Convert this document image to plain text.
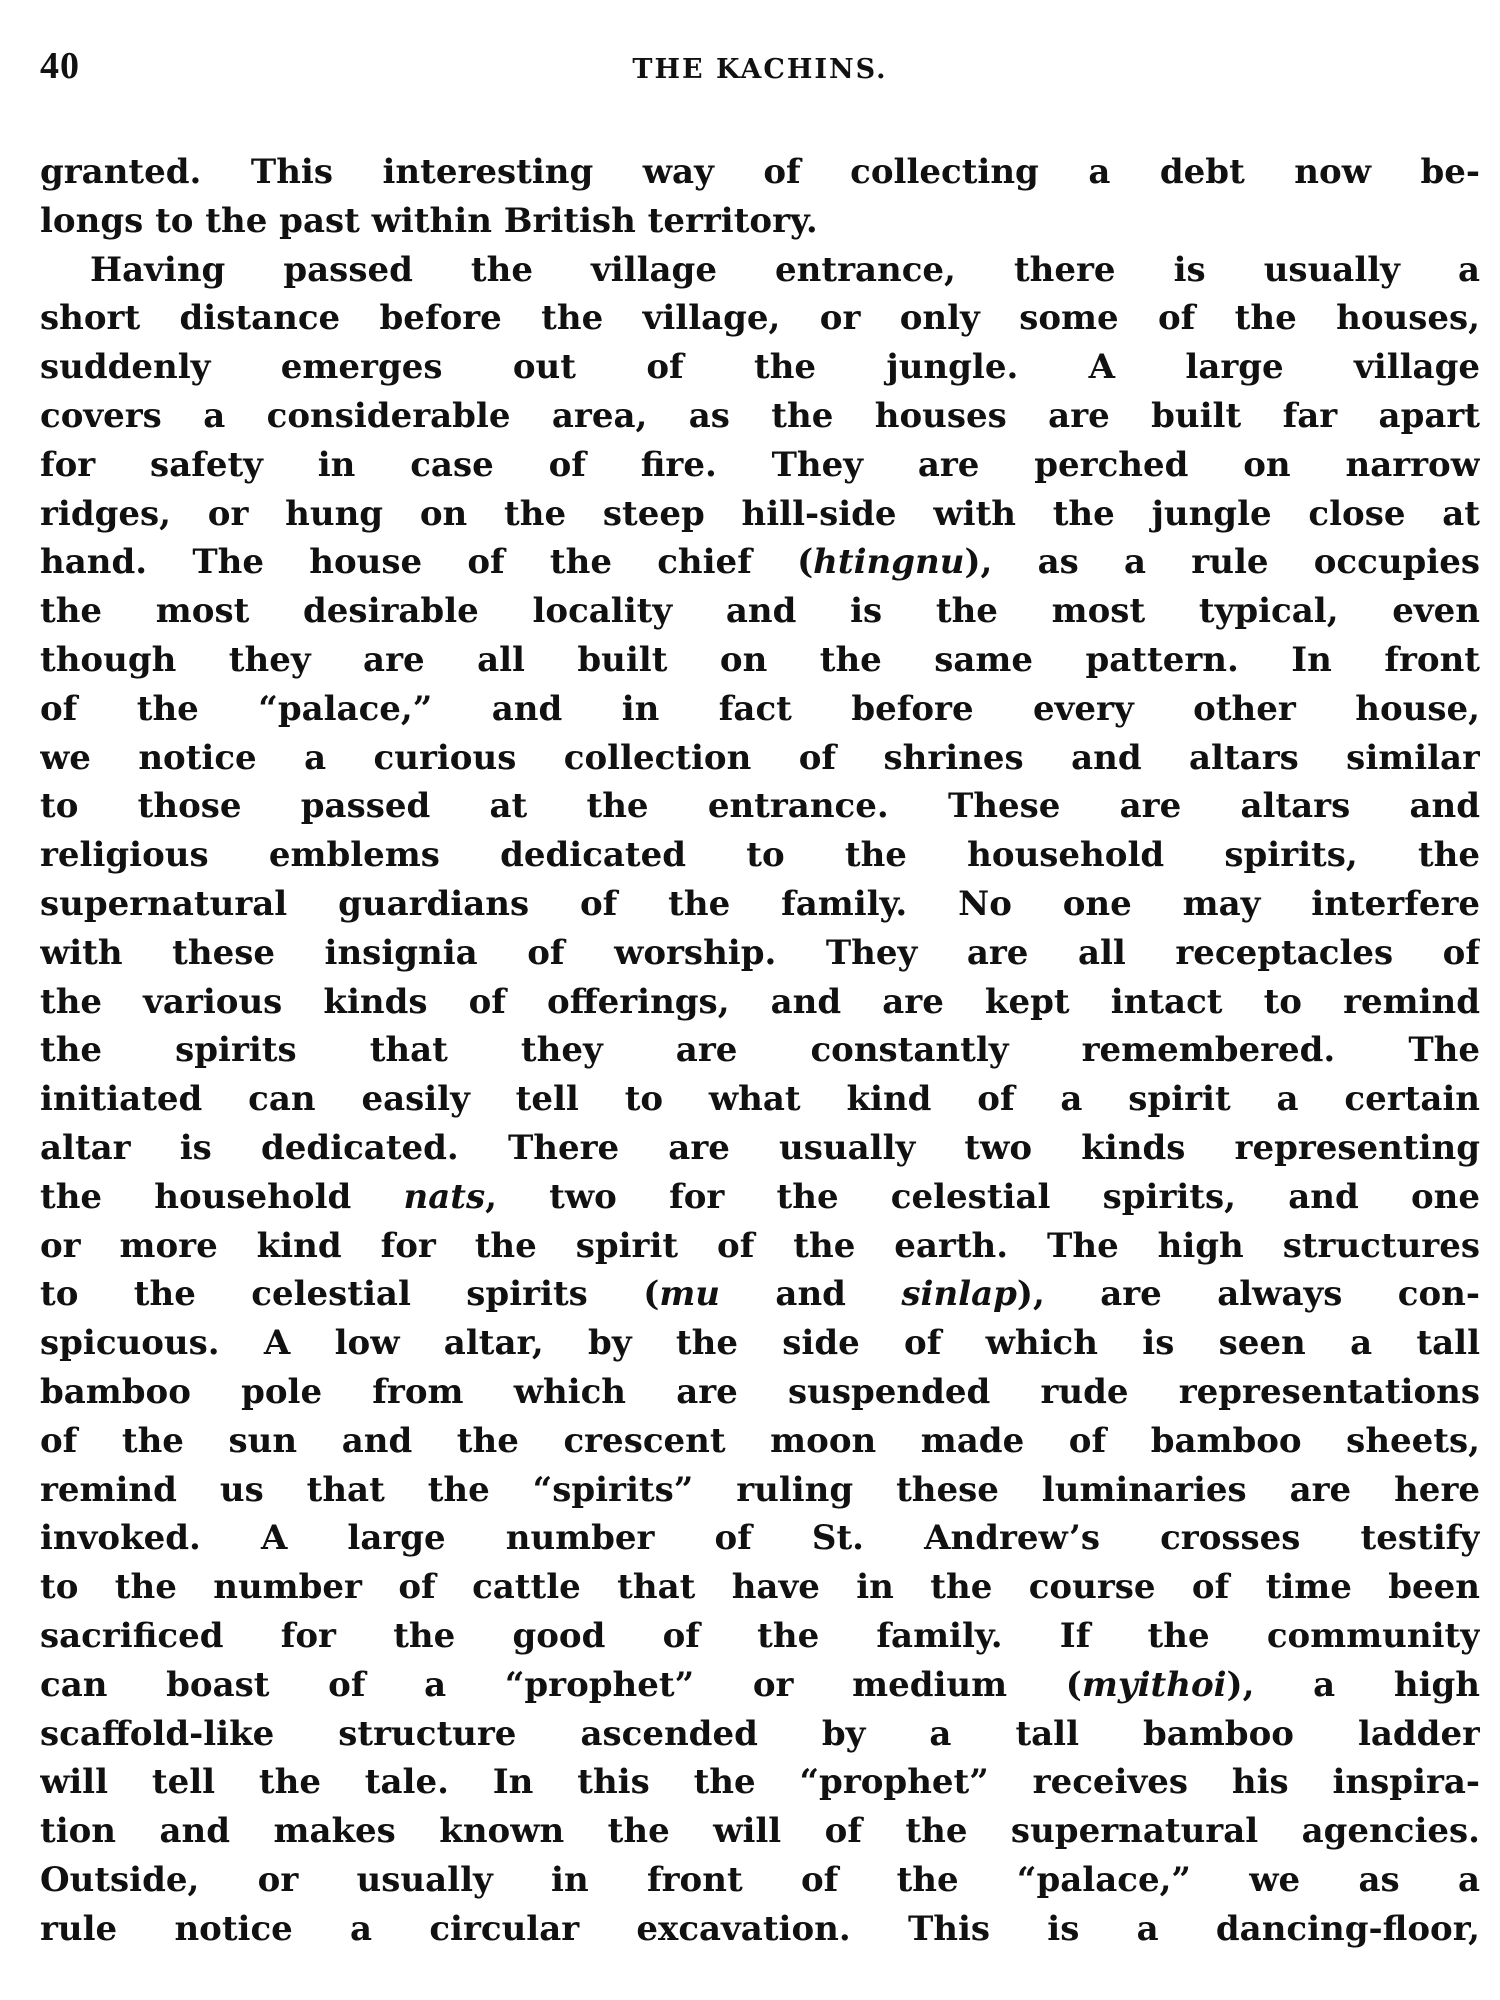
40	THE KACHINS.
granted. This interesting way of collecting a debt now be-
longs to the past within British territory.
Having passed the village entrance, there is usually a
short distance before the village, or only some of the houses,
suddenly emerges out of the jungle. A large village
covers a considerable area, as the houses are built far apart
for safety in case of fire. They are perched on narrow
ridges, or hung on the steep hill-side with the jungle close at
hand. The house of the chief (htingnu), as a rule occupies
the most desirable locality and is the most typical, even
though they are all built on the same pattern. In front
of the “palace,” and in fact before every other house,
we notice a curious collection of shrines and altars similar
to those passed at the entrance. These are altars and
religious emblems dedicated to the household spirits, the
supernatural guardians of the family. No one may interfere
with these insignia of worship. They are all receptacles of
the various kinds of offerings, and are kept intact to remind
the spirits that they are constantly remembered. The
initiated can easily tell to what kind of a spirit a certain
altar is dedicated. There are usually two kinds representing
the household nats, two for the celestial spirits, and one
or more kind for the spirit of the earth. The high structures
to the celestial spirits (mu and sinlap), are always con-
spicuous. A low altar, by the side of which is seen a tall
bamboo pole from which are suspended rude representations
of the sun and the crescent moon made of bamboo sheets,
remind us that the “spirits” ruling these luminaries are here
invoked. A large number of St. Andrew’s crosses testify
to the number of cattle that have in the course of time been
sacrificed for the good of the family. If the community
can boast of a “prophet” or medium (myithoi), a high
scaffold-like structure ascended by a tall bamboo ladder
will tell the tale. In this the “prophet” receives his inspira-
tion and makes known the will of the supernatural agencies.
Outside, or usually in front of the “palace,” we as a
rule notice a circular excavation. This is a dancing-floor,
